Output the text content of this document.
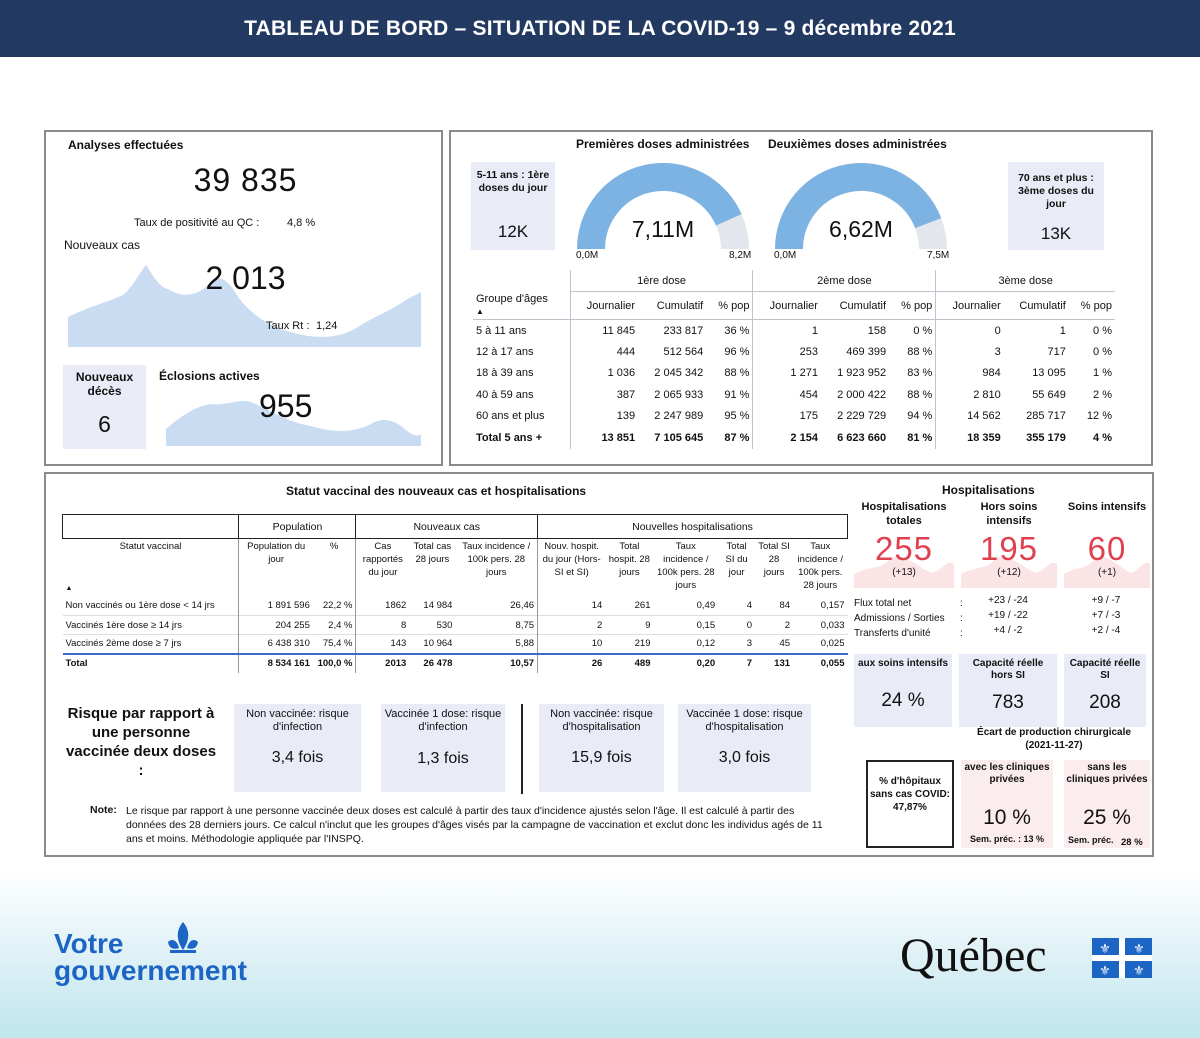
TABLEAU DE BORD – SITUATION DE LA COVID-19 – 9 décembre 2021
Analyses effectuées
39 835
Taux de positivité au QC :	4,8 %
Nouveaux cas
2 013
Taux Rt : 1,24
Nouveaux décès
6
Éclosions actives
955
Premières doses administrées Deuxièmes doses administrées
5-11 ans : 1ère doses du jour
12K
70 ans et plus : 3ème doses du jour
13K
7,11M
0,0M	8,2M
6,62M
0,0M	7,5M
	1ère dose			2ème dose			3ème dose		
Groupe d'âges
▲	Journalier	Cumulatif	% pop	Journalier	Cumulatif	% pop	Journalier	Cumulatif	% pop
5 à 11 ans	11 845	233 817	36 %	1	158	0 %	0	1	0 %
12 à 17 ans	444	512 564	96 %	253	469 399	88 %	3	717	0 %
18 à 39 ans	1 036	2 045 342	88 %	1 271	1 923 952	83 %	984	13 095	1 %
40 à 59 ans	387	2 065 933	91 %	454	2 000 422	88 %	2 810	55 649	2 %
60 ans et plus	139	2 247 989	95 %	175	2 229 729	94 %	14 562	285 717	12 %
Total 5 ans +	13 851	7 105 645	87 %	2 154	6 623 660	81 %	18 359	355 179	4 %
Statut vaccinal des nouveaux cas et hospitalisations
	Population		Nouveaux cas			Nouvelles hospitalisations					
Statut vaccinal
▲	Population du jour	%	Cas rapportés du jour	Total cas 28 jours	Taux incidence / 100k pers. 28 jours	Nouv. hospit. du jour (Hors-SI et SI)	Total hospit. 28 jours	Taux incidence / 100k pers. 28 jours	Total SI du jour	Total SI 28 jours	Taux incidence / 100k pers. 28 jours
Non vaccinés ou 1ère dose < 14 jrs	1 891 596	22,2 %	1862	14 984	26,46	14	261	0,49	4	84	0,157
Vaccinés 1ère dose ≥ 14 jrs	204 255	2,4 %	8	530	8,75	2	9	0,15	0	2	0,033
Vaccinés 2ème dose ≥ 7 jrs	6 438 310	75,4 %	143	10 964	5,88	10	219	0,12	3	45	0,025
Total	8 534 161	100,0 %	2013	26 478	10,57	26	489	0,20	7	131	0,055
Risque par rapport à une personne vaccinée deux doses :
Non vaccinée: risque d'infection
3,4 fois
Vaccinée 1 dose: risque d'infection
1,3 fois
Non vaccinée: risque d'hospitalisation
15,9 fois
Vaccinée 1 dose: risque d'hospitalisation
3,0 fois
Note: Le risque par rapport à une personne vaccinée deux doses est calculé à partir des taux d'incidence ajustés selon l'âge. Il est calculé à partir des données des 28 derniers jours. Ce calcul n'inclut que les groupes d'âges visés par la campagne de vaccination et exclut donc les individus agés de 11 ans et moins. Méthodologie appliquée par l'INSPQ.
Hospitalisations
Hospitalisations totales
255
(+13)
Hors soins intensifs
195
(+12)
Soins intensifs
60
(+1)
Flux total net	:	+23 / -24	+9 / -7
Admissions / Sorties :	+19 / -22	+7 / -3
Transferts d'unité	:	+4 / -2	+2 / -4
aux soins intensifs
24 %
Capacité réelle hors SI
783
Capacité réelle SI
208
Écart de production chirurgicale (2021-11-27)
% d'hôpitaux sans cas COVID: 47,87%
avec les cliniques privées
10 %
Sem. préc. : 13 %
sans les cliniques privées
25 %
Sem. préc. 28 %
Votre
gouvernement	Québec	⚜ ⚜
⚜ ⚜
